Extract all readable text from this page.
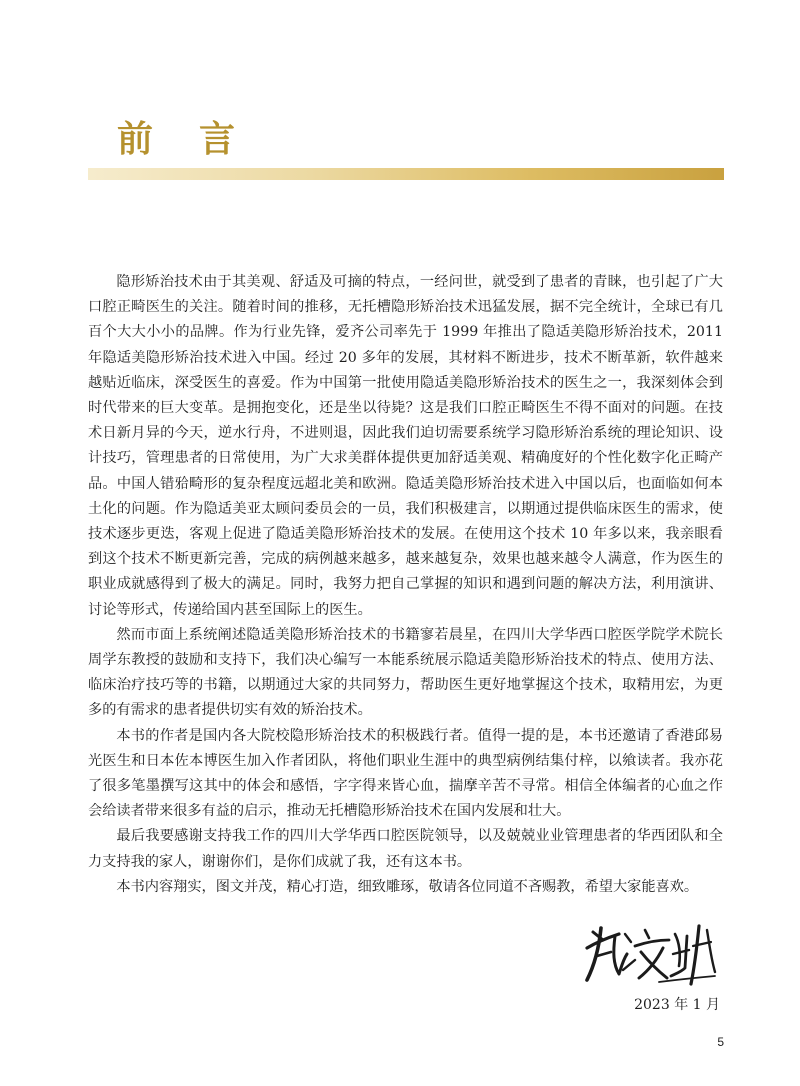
前言

隐形矫治技术由于其美观、舒适及可摘的特点，一经问世，就受到了患者的青睐，也引起了广大口腔正畸医生的关注。随着时间的推移，无托槽隐形矫治技术迅猛发展，据不完全统计，全球已有几百个大大小小的品牌。作为行业先锋，爱齐公司率先于 1999 年推出了隐适美隐形矫治技术，2011 年隐适美隐形矫治技术进入中国。经过 20 多年的发展，其材料不断进步，技术不断革新，软件越来越贴近临床，深受医生的喜爱。作为中国第一批使用隐适美隐形矫治技术的医生之一，我深刻体会到时代带来的巨大变革。是拥抱变化，还是坐以待毙？这是我们口腔正畸医生不得不面对的问题。在技术日新月异的今天，逆水行舟，不进则退，因此我们迫切需要系统学习隐形矫治系统的理论知识、设计技巧，管理患者的日常使用，为广大求美群体提供更加舒适美观、精确度好的个性化数字化正畸产品。中国人错𬌗畸形的复杂程度远超北美和欧洲。隐适美隐形矫治技术进入中国以后，也面临如何本土化的问题。作为隐适美亚太顾问委员会的一员，我们积极建言，以期通过提供临床医生的需求，使技术逐步更迭，客观上促进了隐适美隐形矫治技术的发展。在使用这个技术 10 年多以来，我亲眼看到这个技术不断更新完善，完成的病例越来越多，越来越复杂，效果也越来越令人满意，作为医生的职业成就感得到了极大的满足。同时，我努力把自己掌握的知识和遇到问题的解决方法，利用演讲、讨论等形式，传递给国内甚至国际上的医生。

然而市面上系统阐述隐适美隐形矫治技术的书籍寥若晨星，在四川大学华西口腔医学院学术院长周学东教授的鼓励和支持下，我们决心编写一本能系统展示隐适美隐形矫治技术的特点、使用方法、临床治疗技巧等的书籍，以期通过大家的共同努力，帮助医生更好地掌握这个技术，取精用宏，为更多的有需求的患者提供切实有效的矫治技术。

本书的作者是国内各大院校隐形矫治技术的积极践行者。值得一提的是，本书还邀请了香港邱易光医生和日本佐本博医生加入作者团队，将他们职业生涯中的典型病例结集付梓，以飨读者。我亦花了很多笔墨撰写这其中的体会和感悟，字字得来皆心血，揣摩辛苦不寻常。相信全体编者的心血之作会给读者带来很多有益的启示，推动无托槽隐形矫治技术在国内发展和壮大。

最后我要感谢支持我工作的四川大学华西口腔医院领导，以及兢兢业业管理患者的华西团队和全力支持我的家人，谢谢你们，是你们成就了我，还有这本书。

本书内容翔实，图文并茂，精心打造，细致雕琢，敬请各位同道不吝赐教，希望大家能喜欢。

2023 年 1 月
5
